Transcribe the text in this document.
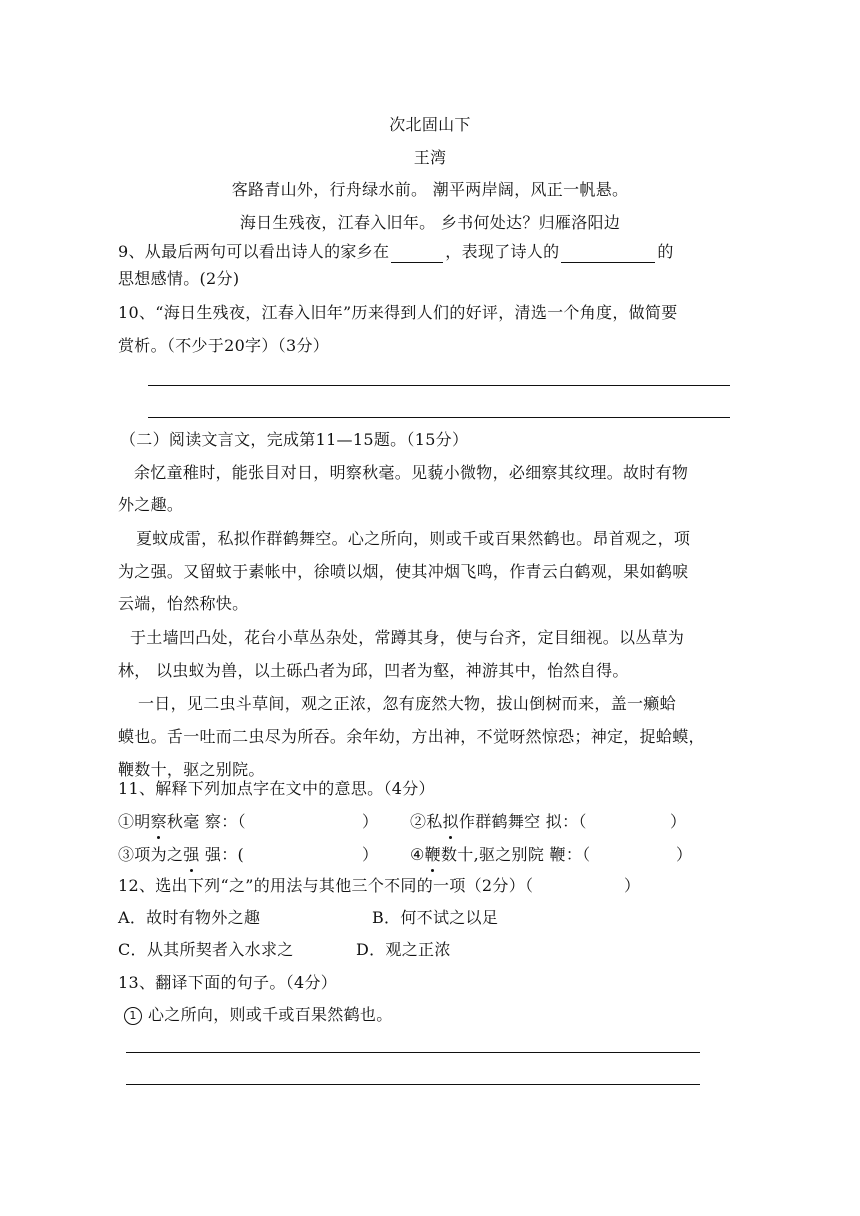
次北固山下
王湾
客路青山外，行舟绿水前。 潮平两岸阔，风正一帆悬。
海日生残夜，江春入旧年。 乡书何处达？归雁洛阳边
9、从最后两句可以看出诗人的家乡在	，表现了诗人的	的
思想感情。(2分)
10、“海日生残夜，江春入旧年”历来得到人们的好评，清选一个角度，做简要
赏析。（不少于20字）（3分）
（二）阅读文言文，完成第11—15题。（15分）
余忆童稚时，能张目对日，明察秋毫。见藐小微物，必细察其纹理。故时有物
外之趣。
夏蚊成雷，私拟作群鹤舞空。心之所向，则或千或百果然鹤也。昂首观之，项
为之强。又留蚊于素帐中，徐喷以烟，使其冲烟飞鸣，作青云白鹤观，果如鹤唳
云端，怡然称快。
于土墙凹凸处，花台小草丛杂处，常蹲其身，使与台齐，定目细视。以丛草为
林， 以虫蚁为兽，以土砾凸者为邱，凹者为壑，神游其中，怡然自得。
一日，见二虫斗草间，观之正浓，忽有庞然大物，拔山倒树而来，盖一癞蛤
蟆也。舌一吐而二虫尽为所吞。余年幼，方出神，不觉呀然惊恐；神定，捉蛤蟆，
鞭数十，驱之别院。
11、解释下列加点字在文中的意思。（4分）
①明察秋毫 察：（	） ②私拟作群鹤舞空 拟：（	）
③项为之强 强：(	） ④鞭数十,驱之别院 鞭：（	）
12、选出下列“之”的用法与其他三个不同的一项（2分）（	）
A．故时有物外之趣	B．何不试之以足
C．从其所契者入水求之	D．观之正浓
13、翻译下面的句子。（4分）
1 心之所向，则或千或百果然鹤也。
